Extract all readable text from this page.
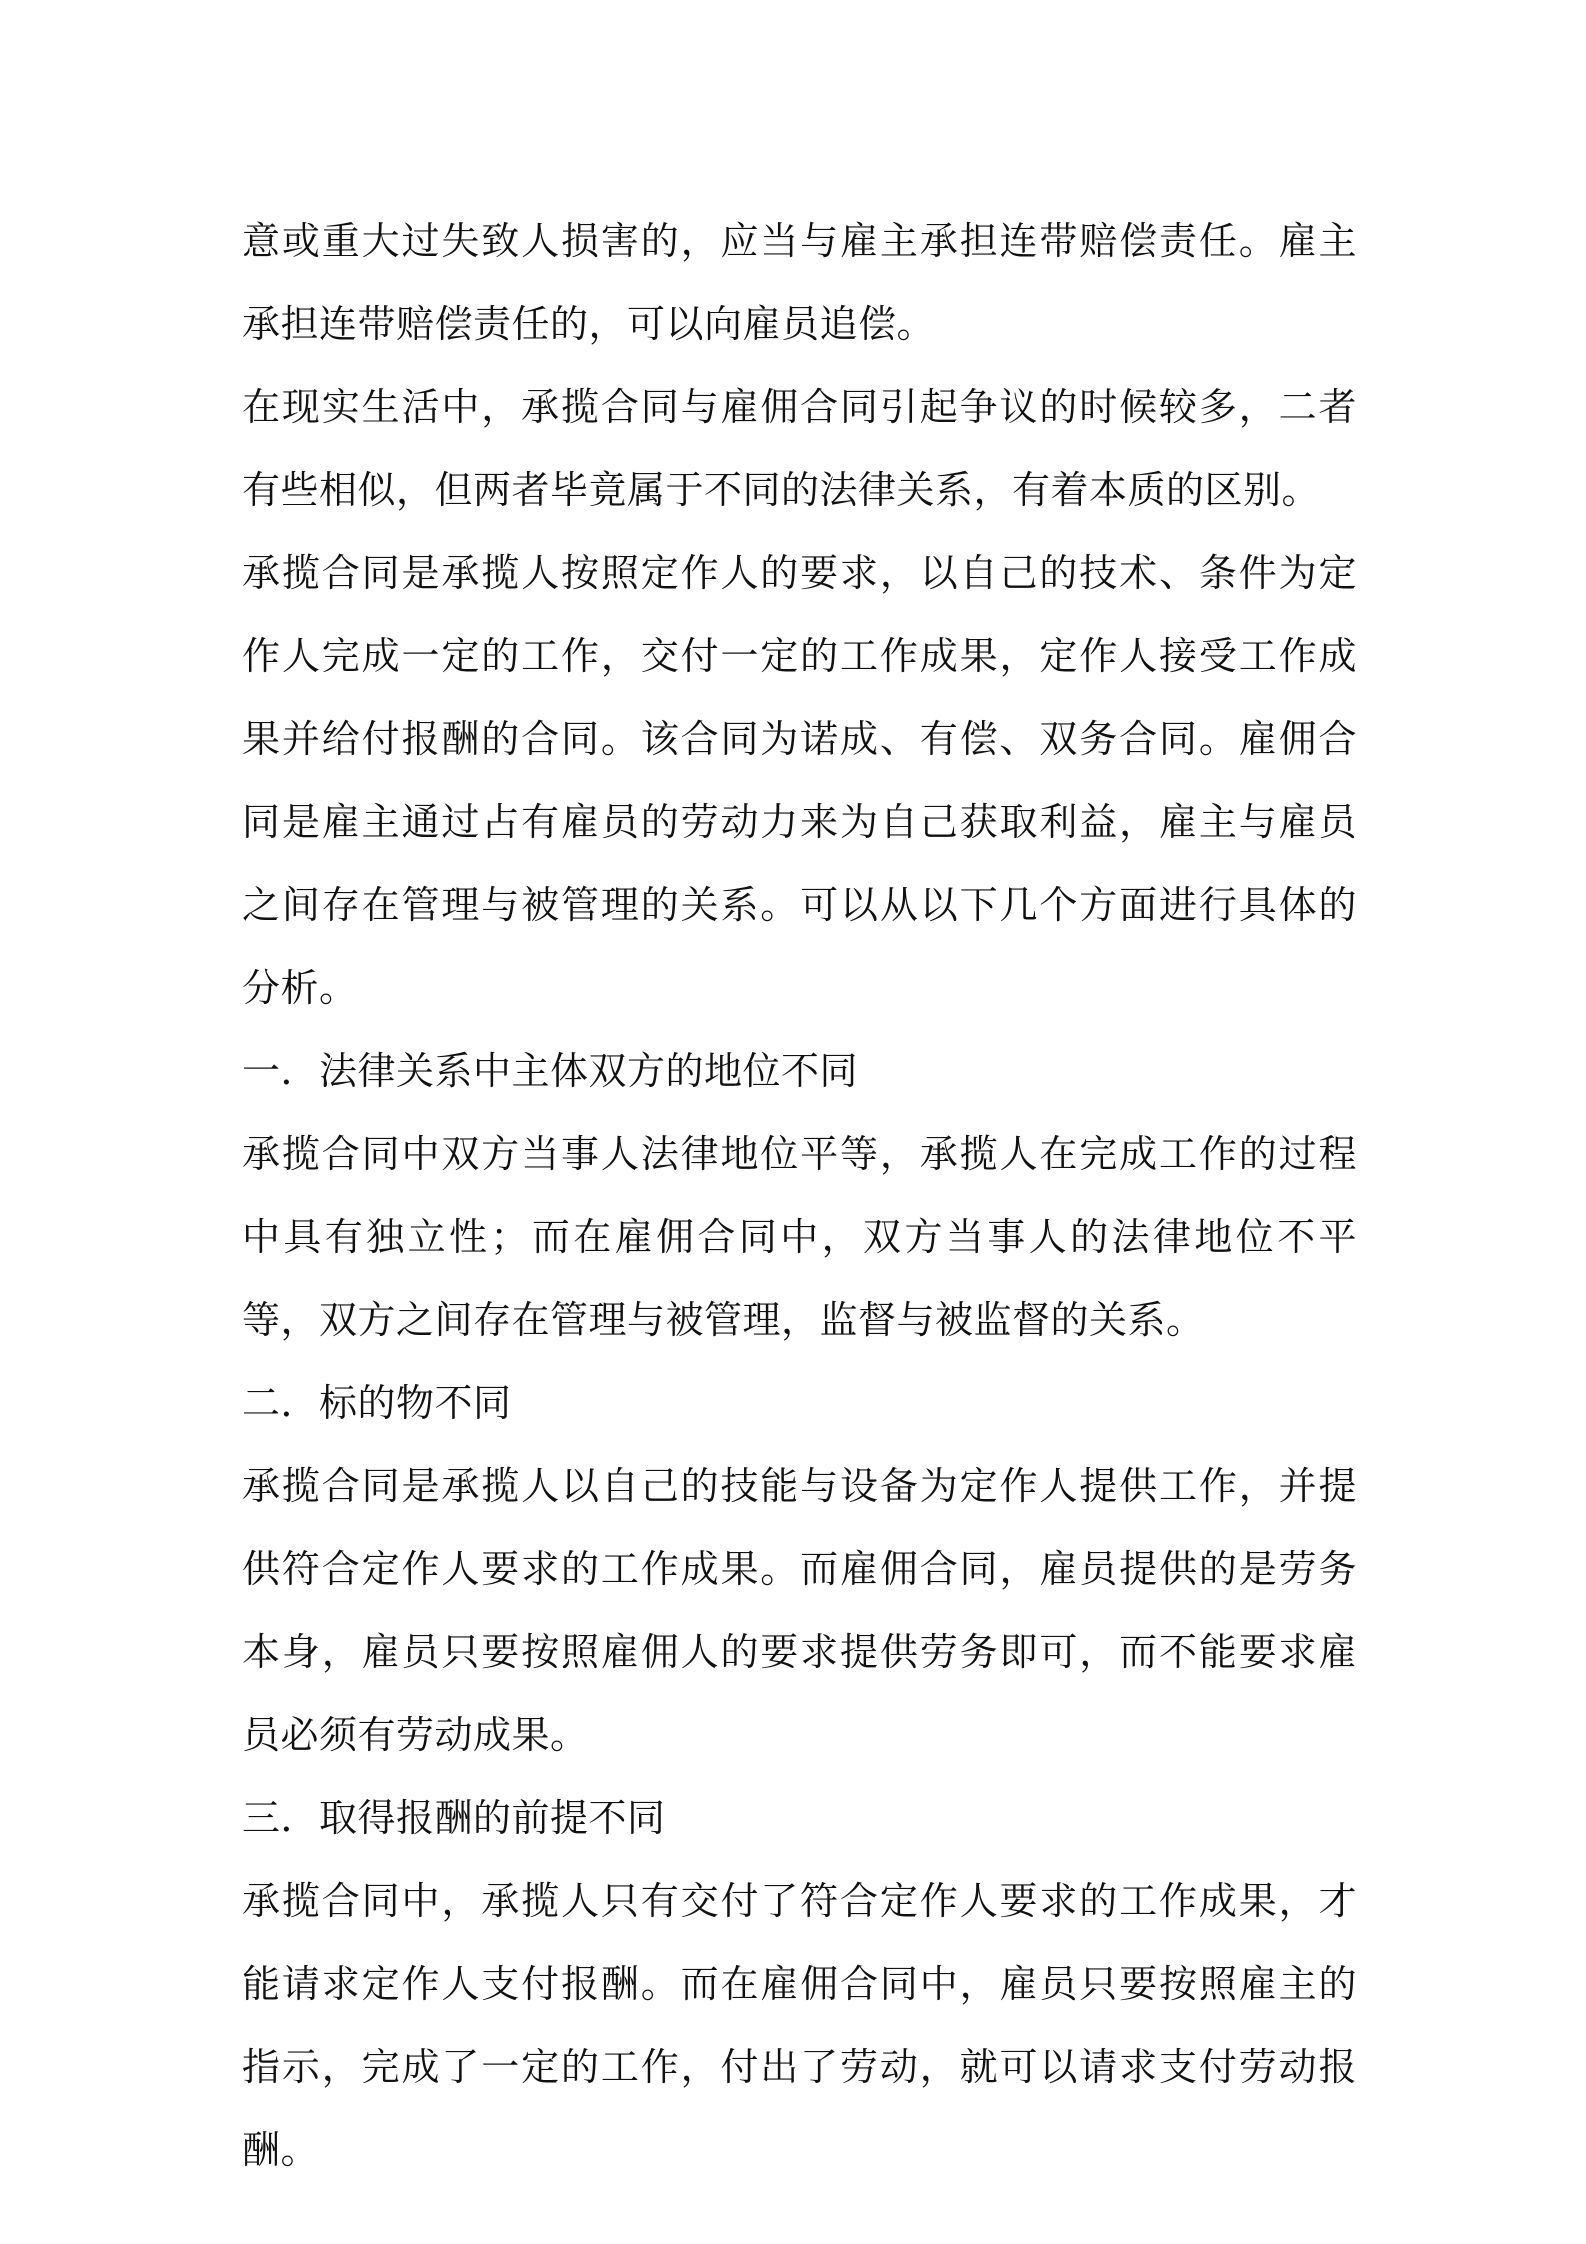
意或重大过失致人损害的，应当与雇主承担连带赔偿责任。雇主承担连带赔偿责任的，可以向雇员追偿。

在现实生活中，承揽合同与雇佣合同引起争议的时候较多，二者有些相似，但两者毕竟属于不同的法律关系，有着本质的区别。

承揽合同是承揽人按照定作人的要求，以自己的技术、条件为定作人完成一定的工作，交付一定的工作成果，定作人接受工作成果并给付报酬的合同。该合同为诺成、有偿、双务合同。雇佣合同是雇主通过占有雇员的劳动力来为自己获取利益，雇主与雇员之间存在管理与被管理的关系。可以从以下几个方面进行具体的分析。

一．法律关系中主体双方的地位不同

承揽合同中双方当事人法律地位平等，承揽人在完成工作的过程中具有独立性；而在雇佣合同中，双方当事人的法律地位不平等，双方之间存在管理与被管理，监督与被监督的关系。

二．标的物不同

承揽合同是承揽人以自己的技能与设备为定作人提供工作，并提供符合定作人要求的工作成果。而雇佣合同，雇员提供的是劳务本身，雇员只要按照雇佣人的要求提供劳务即可，而不能要求雇员必须有劳动成果。

三．取得报酬的前提不同

承揽合同中，承揽人只有交付了符合定作人要求的工作成果，才能请求定作人支付报酬。而在雇佣合同中，雇员只要按照雇主的指示，完成了一定的工作，付出了劳动，就可以请求支付劳动报酬。
